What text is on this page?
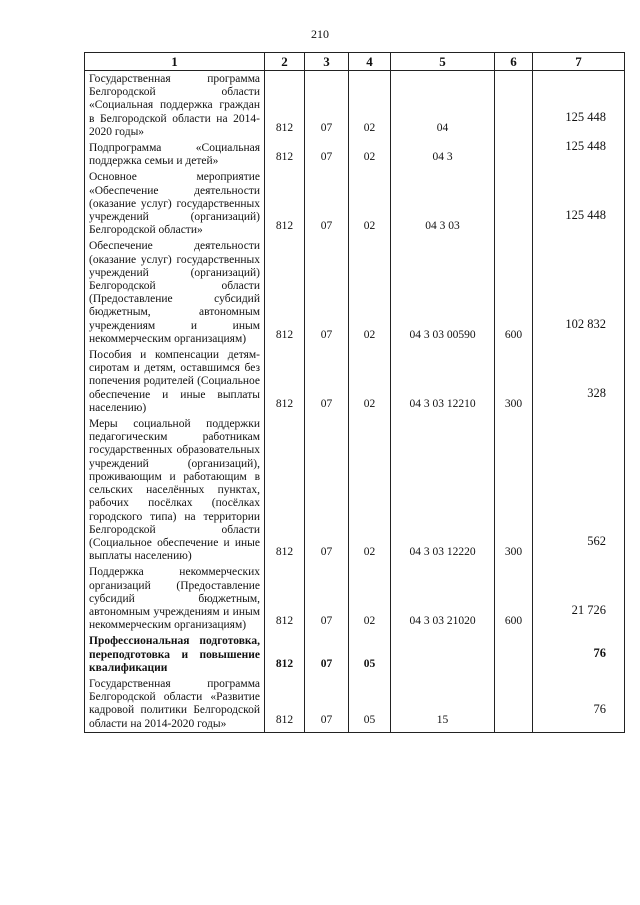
210
1	2	3	4	5	6	7
Государственная программа Белгородской области «Социальная поддержка граждан в Белгородской области на 2014-2020 годы»	812	07	02	04		125 448
Подпрограмма «Социальная поддержка семьи и детей»	812	07	02	04 3		125 448
Основное мероприятие «Обеспечение деятельности (оказание услуг) государственных учреждений (организаций) Белгородской области»	812	07	02	04 3 03		125 448
Обеспечение деятельности (оказание услуг) государственных учреждений (организаций) Белгородской области (Предоставление субсидий бюджетным, автономным учреждениям и иным некоммерческим организациям)	812	07	02	04 3 03 00590	600	102 832
Пособия и компенсации детям-сиротам и детям, оставшимся без попечения родителей (Социальное обеспечение и иные выплаты населению)	812	07	02	04 3 03 12210	300	328
Меры социальной поддержки педагогическим работникам государственных образовательных учреждений (организаций), проживающим и работающим в сельских населённых пунктах, рабочих посёлках (посёлках городского типа) на территории Белгородской области (Социальное обеспечение и иные выплаты населению)	812	07	02	04 3 03 12220	300	562
Поддержка некоммерческих организаций (Предоставление субсидий бюджетным, автономным учреждениям и иным некоммерческим организациям)	812	07	02	04 3 03 21020	600	21 726
Профессиональная подготовка, переподготовка и повышение квалификации	812	07	05			76
Государственная программа Белгородской области «Развитие кадровой политики Белгородской области на 2014-2020 годы»	812	07	05	15		76
